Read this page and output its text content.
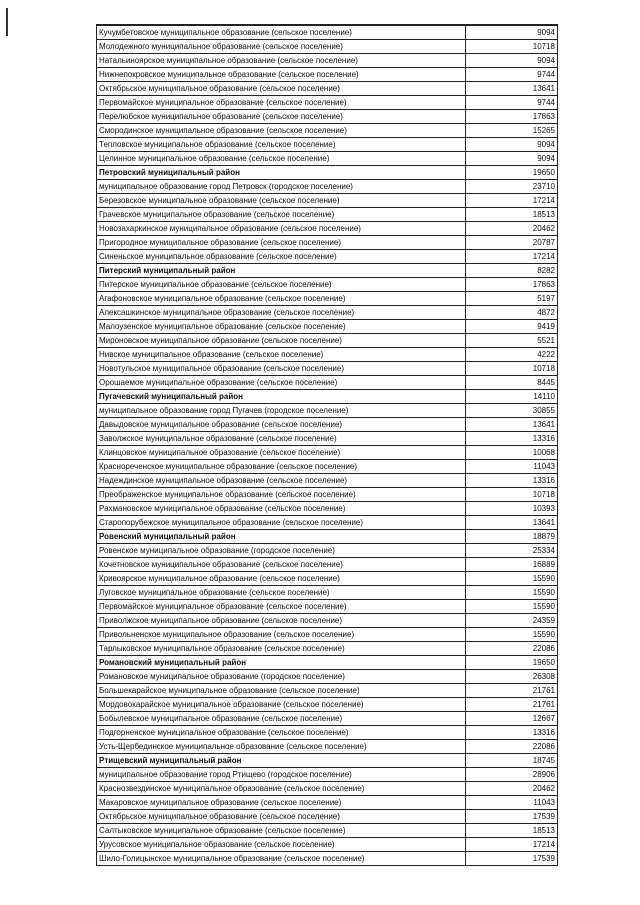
Кучумбетовское муниципальное образование (сельское поселение)	9094
Молодежного муниципальное образование (сельское поселение)	10718
Натальиноярское муниципальное образование (сельское поселение)	9094
Нижнепокровское муниципальное образование (сельское поселение)	9744
Октябрьское муниципальное образование (сельское поселение)	13641
Первомайское муниципальное образование (сельское поселение)	9744
Перелюбское муниципальное образование (сельское поселение)	17863
Смородинское муниципальное образование (сельское поселение)	15265
Тепловское муниципальное образование (сельское поселение)	9094
Целинное муниципальное образование (сельское поселение)	9094
Петровский муниципальный район	19650
муниципальное образование город Петровск (городское поселение)	23710
Березовское муниципальное образование (сельское поселение)	17214
Грачевское муниципальное образование (сельское поселение)	18513
Новозахаркинское муниципальное образование (сельское поселение)	20462
Пригородное муниципальное образование (сельское поселение)	20787
Синеньское муниципальное образование (сельское поселение)	17214
Питерский муниципальный район	8282
Питерское муниципальное образование (сельское поселение)	17863
Агафоновское муниципальное образование (сельское поселение)	5197
Алексашкинское муниципальное образование (сельское поселение)	4872
Малоузенское муниципальное образование (сельское поселение)	9419
Мироновское муниципальное образование (сельское поселение)	5521
Нивское муниципальное образование (сельское поселение)	4222
Новотульское муниципальное образование (сельское поселение)	10718
Орошаемое муниципальное образование (сельское поселение)	8445
Пугачевский муниципальный район	14110
муниципальное образование город Пугачев (городское поселение)	30855
Давыдовское муниципальное образование (сельское поселение)	13641
Заволжское муниципальное образование (сельское поселение)	13316
Клинцовское муниципальное образование (сельское поселение)	10068
Краснореченское муниципальное образование (сельское поселение)	11043
Надеждинское муниципальное образование (сельское поселение)	13316
Преображенское муниципальное образование (сельское поселение)	10718
Рахмановское муниципальное образование (сельское поселение)	10393
Старопорубежское муниципальное образование (сельское поселение)	13641
Ровенский муниципальный район	18879
Ровенское муниципальное образование (городское поселение)	25334
Кочетновское муниципальное образование (сельское поселение)	16889
Кривоярское муниципальное образование (сельское поселение)	15590
Луговское муниципальное образование (сельское поселение)	15590
Первомайское муниципальное образование (сельское поселение)	15590
Приволжское муниципальное образование (сельское поселение)	24359
Привольненское муниципальное образование (сельское поселение)	15590
Тарлыковское муниципальное образование (сельское поселение)	22086
Романовский муниципальный район	19650
Романовское муниципальное образование (городское поселение)	26308
Большекарайское муниципальное образование (сельское поселение)	21761
Мордовокарайское муниципальное образование (сельское поселение)	21761
Бобылевское муниципальное образование (сельское поселение)	12667
Подгорненское муниципальное образование (сельское поселение)	13316
Усть-Щербединское муниципальное образование (сельское поселение)	22086
Ртищевский муниципальный район	18745
муниципальное образование город Ртищево (городское поселение)	28906
Краснозвездинское муниципальное образование (сельское поселение)	20462
Макаровское муниципальное образование (сельское поселение)	11043
Октябрьское муниципальное образование (сельское поселение)	17539
Салтыковское муниципальное образование (сельское поселение)	18513
Урусовское муниципальное образование (сельское поселение)	17214
Шило-Голицынское муниципальное образование (сельское поселение)	17539
